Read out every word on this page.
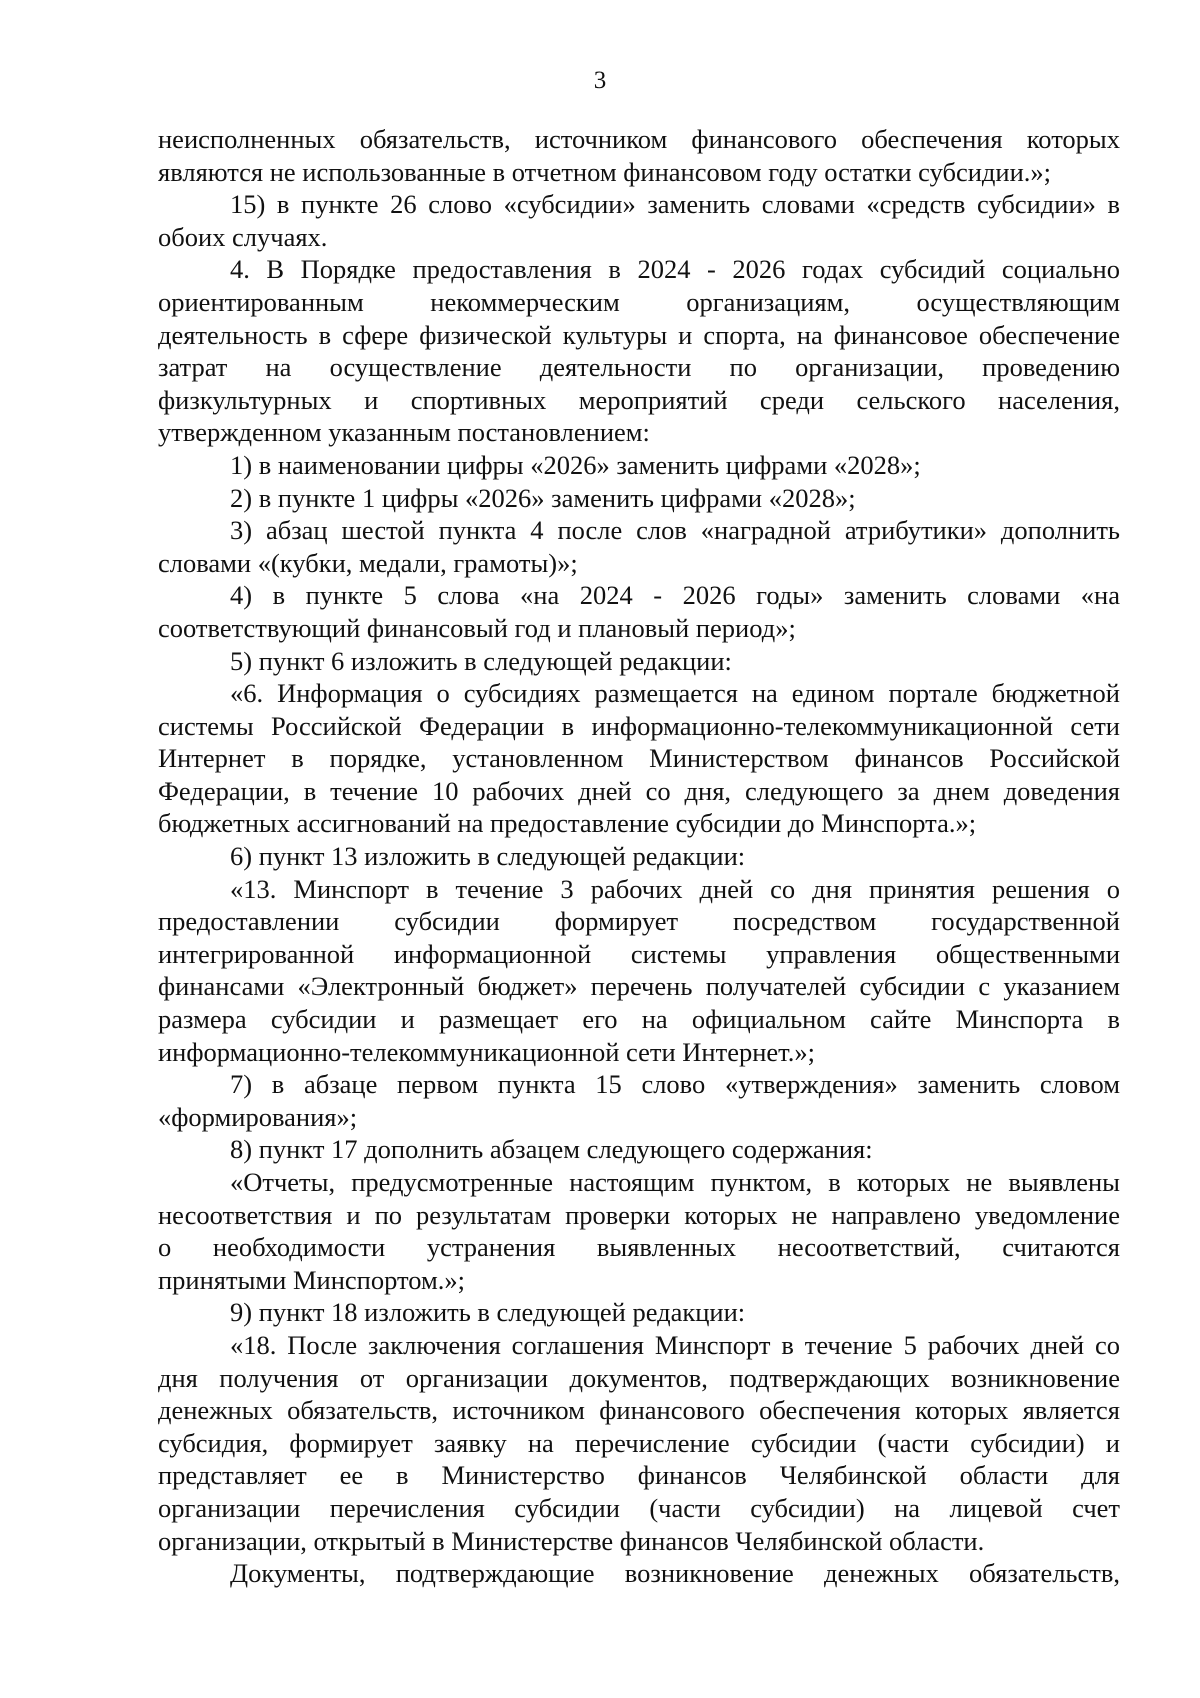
3
неисполненных обязательств, источником финансового обеспечения которых
являются не использованные в отчетном финансовом году остатки субсидии.»;
15) в пункте 26 слово «субсидии» заменить словами «средств субсидии» в
обоих случаях.
4. В Порядке предоставления в 2024 - 2026 годах субсидий социально
ориентированным некоммерческим организациям, осуществляющим
деятельность в сфере физической культуры и спорта, на финансовое обеспечение
затрат на осуществление деятельности по организации, проведению
физкультурных и спортивных мероприятий среди сельского населения,
утвержденном указанным постановлением:
1) в наименовании цифры «2026» заменить цифрами «2028»;
2) в пункте 1 цифры «2026» заменить цифрами «2028»;
3) абзац шестой пункта 4 после слов «наградной атрибутики» дополнить
словами «(кубки, медали, грамоты)»;
4) в пункте 5 слова «на 2024 - 2026 годы» заменить словами «на
соответствующий финансовый год и плановый период»;
5) пункт 6 изложить в следующей редакции:
«6. Информация о субсидиях размещается на едином портале бюджетной
системы Российской Федерации в информационно-телекоммуникационной сети
Интернет в порядке, установленном Министерством финансов Российской
Федерации, в течение 10 рабочих дней со дня, следующего за днем доведения
бюджетных ассигнований на предоставление субсидии до Минспорта.»;
6) пункт 13 изложить в следующей редакции:
«13. Минспорт в течение 3 рабочих дней со дня принятия решения о
предоставлении субсидии формирует посредством государственной
интегрированной информационной системы управления общественными
финансами «Электронный бюджет» перечень получателей субсидии с указанием
размера субсидии и размещает его на официальном сайте Минспорта в
информационно-телекоммуникационной сети Интернет.»;
7) в абзаце первом пункта 15 слово «утверждения» заменить словом
«формирования»;
8) пункт 17 дополнить абзацем следующего содержания:
«Отчеты, предусмотренные настоящим пунктом, в которых не выявлены
несоответствия и по результатам проверки которых не направлено уведомление
о необходимости устранения выявленных несоответствий, считаются
принятыми Минспортом.»;
9) пункт 18 изложить в следующей редакции:
«18. После заключения соглашения Минспорт в течение 5 рабочих дней со
дня получения от организации документов, подтверждающих возникновение
денежных обязательств, источником финансового обеспечения которых является
субсидия, формирует заявку на перечисление субсидии (части субсидии) и
представляет ее в Министерство финансов Челябинской области для
организации перечисления субсидии (части субсидии) на лицевой счет
организации, открытый в Министерстве финансов Челябинской области.
Документы, подтверждающие возникновение денежных обязательств,
